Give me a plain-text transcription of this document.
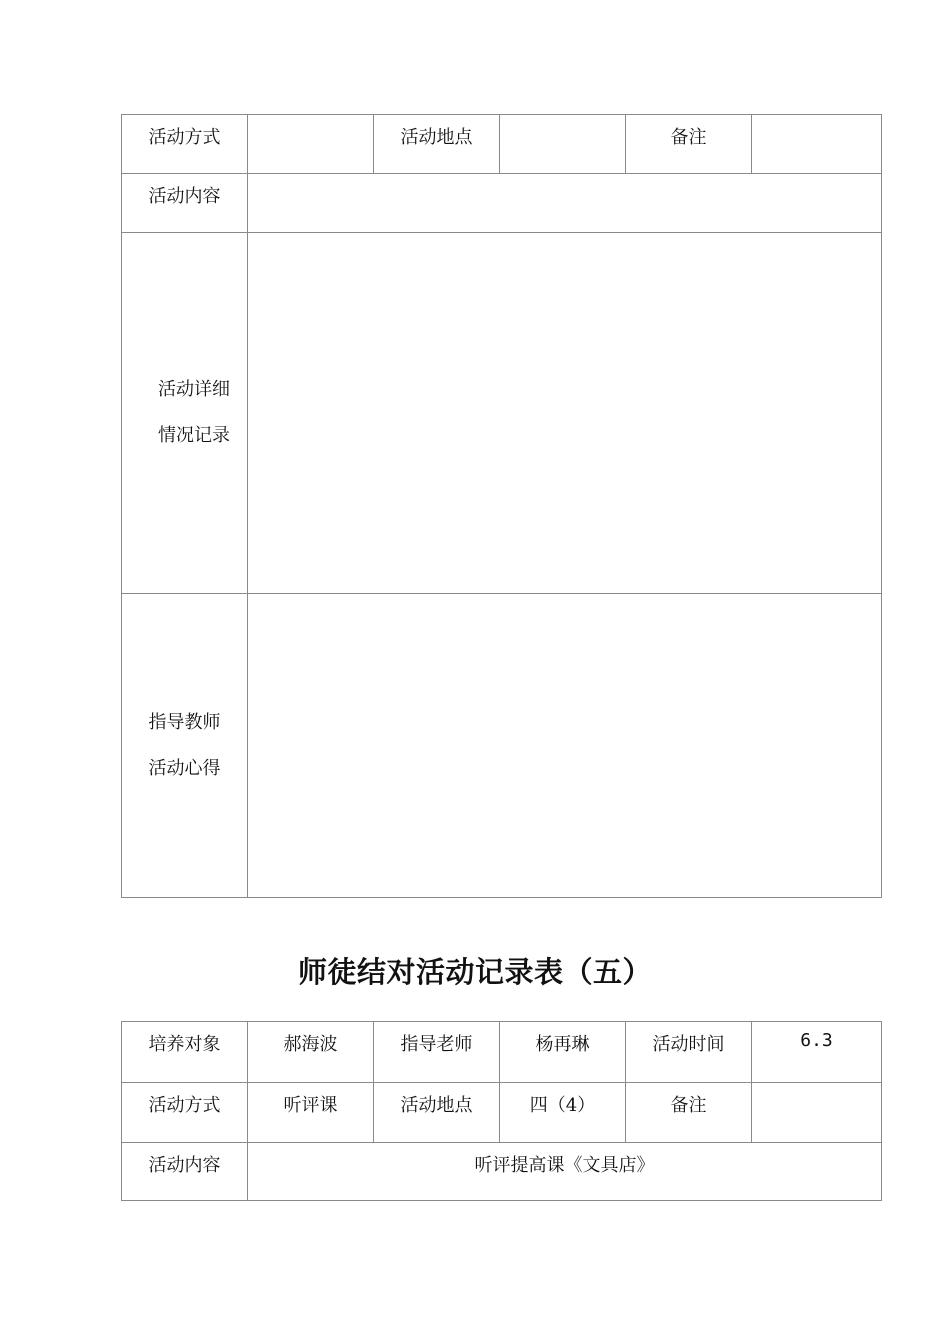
活动方式		活动地点		备注	
活动内容					

活动详细
情况记录					

指导教师
活动心得					

师徒结对活动记录表（五）
培养对象	郝海波	指导老师	杨再琳	活动时间	6.3
活动方式	听评课	活动地点	四（4）	备注	
活动内容	听评提高课《文具店》				
